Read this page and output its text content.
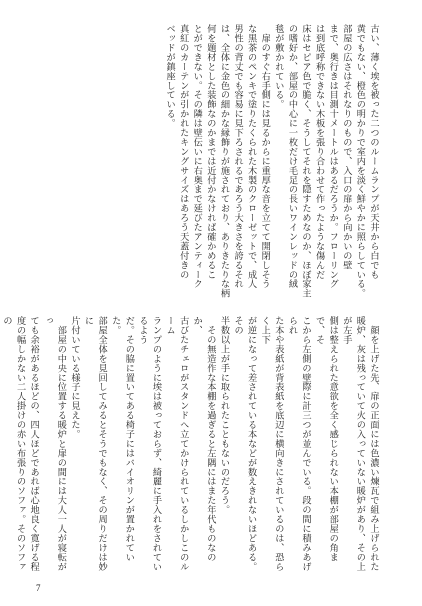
古い、薄く埃を被った二つのルームランプが天井から白でも

黄でもない、橙色の明かりで室内を淡く鮮やかに照らしている。

部屋の広さはそれなりのもので、入口の扉から向かいの壁

まで、奥行きは目測十メートルはあるだろうか。フローリング

は到底呼称できない木板を張り合わせて作ったような傷んだ

床はセピア色で脆く、そうしてそれを隠すためなのか、ほぼ家主

の嗜好か、部屋の中心に一枚だけ毛足の長いワインレッドの絨

毯が敷かれている。

　扉のすぐ右手側には見るからに重厚な音を立てて開閉しそう

な黒茶のペンキで塗りたくられた木製のクローゼットで、成人

男性の背丈でも容易に見下ろされるであろう大きさを誇るそれ

は、全体に金色の細かな縁飾りが施されており、ありきたりな柄

何を題材とした装飾なのかまでは近付かなければ確かめるこ

とができない。その隣は壁伝いに右奥まで延びたアンティーク

真紅のカーテンが引かれたキングサイズはあろう天蓋付きの

ベッドが鎮座している。

　顔を上げた先、扉の正面には色濃い煉瓦で組み上げられた

暖炉、灰は残っていて火の入っていない暖炉があり、その上が左手

側は整えられた意欲を全く感じられない本棚が部屋の角まで、そ

こから左側の壁際に計三つが並んでいる。段の間に積みあげられ

た本や表紙が背表紙を底辺に横向きにされているのは、恐らく上下

が逆になって差されている本などが数えきれないほどある。その

半数以上が手に取られたこともないのだろう。

　その無造作な本棚を過ぎると左隅にはまた年代ものなのか、

古びたチェロがスタンドへ立てかけられているしかしこのルーム

ランプのように埃は被っておらず、綺麗に手入れをされているよう

だ。その脇に置いてある椅子にはバイオリンが置かれていた。

部屋全体を見回してみるとそうでもなく、その周りだけは妙に

片付いている様子に見えた。

　部屋の中央に位置する暖炉と扉の間には大人一人が寝転がっ

ても余裕があるほどの、四人ほどであれば心地良く寛げる程

度の幅しかない二人掛けの赤い布張りのソファ。そのソファの

7
